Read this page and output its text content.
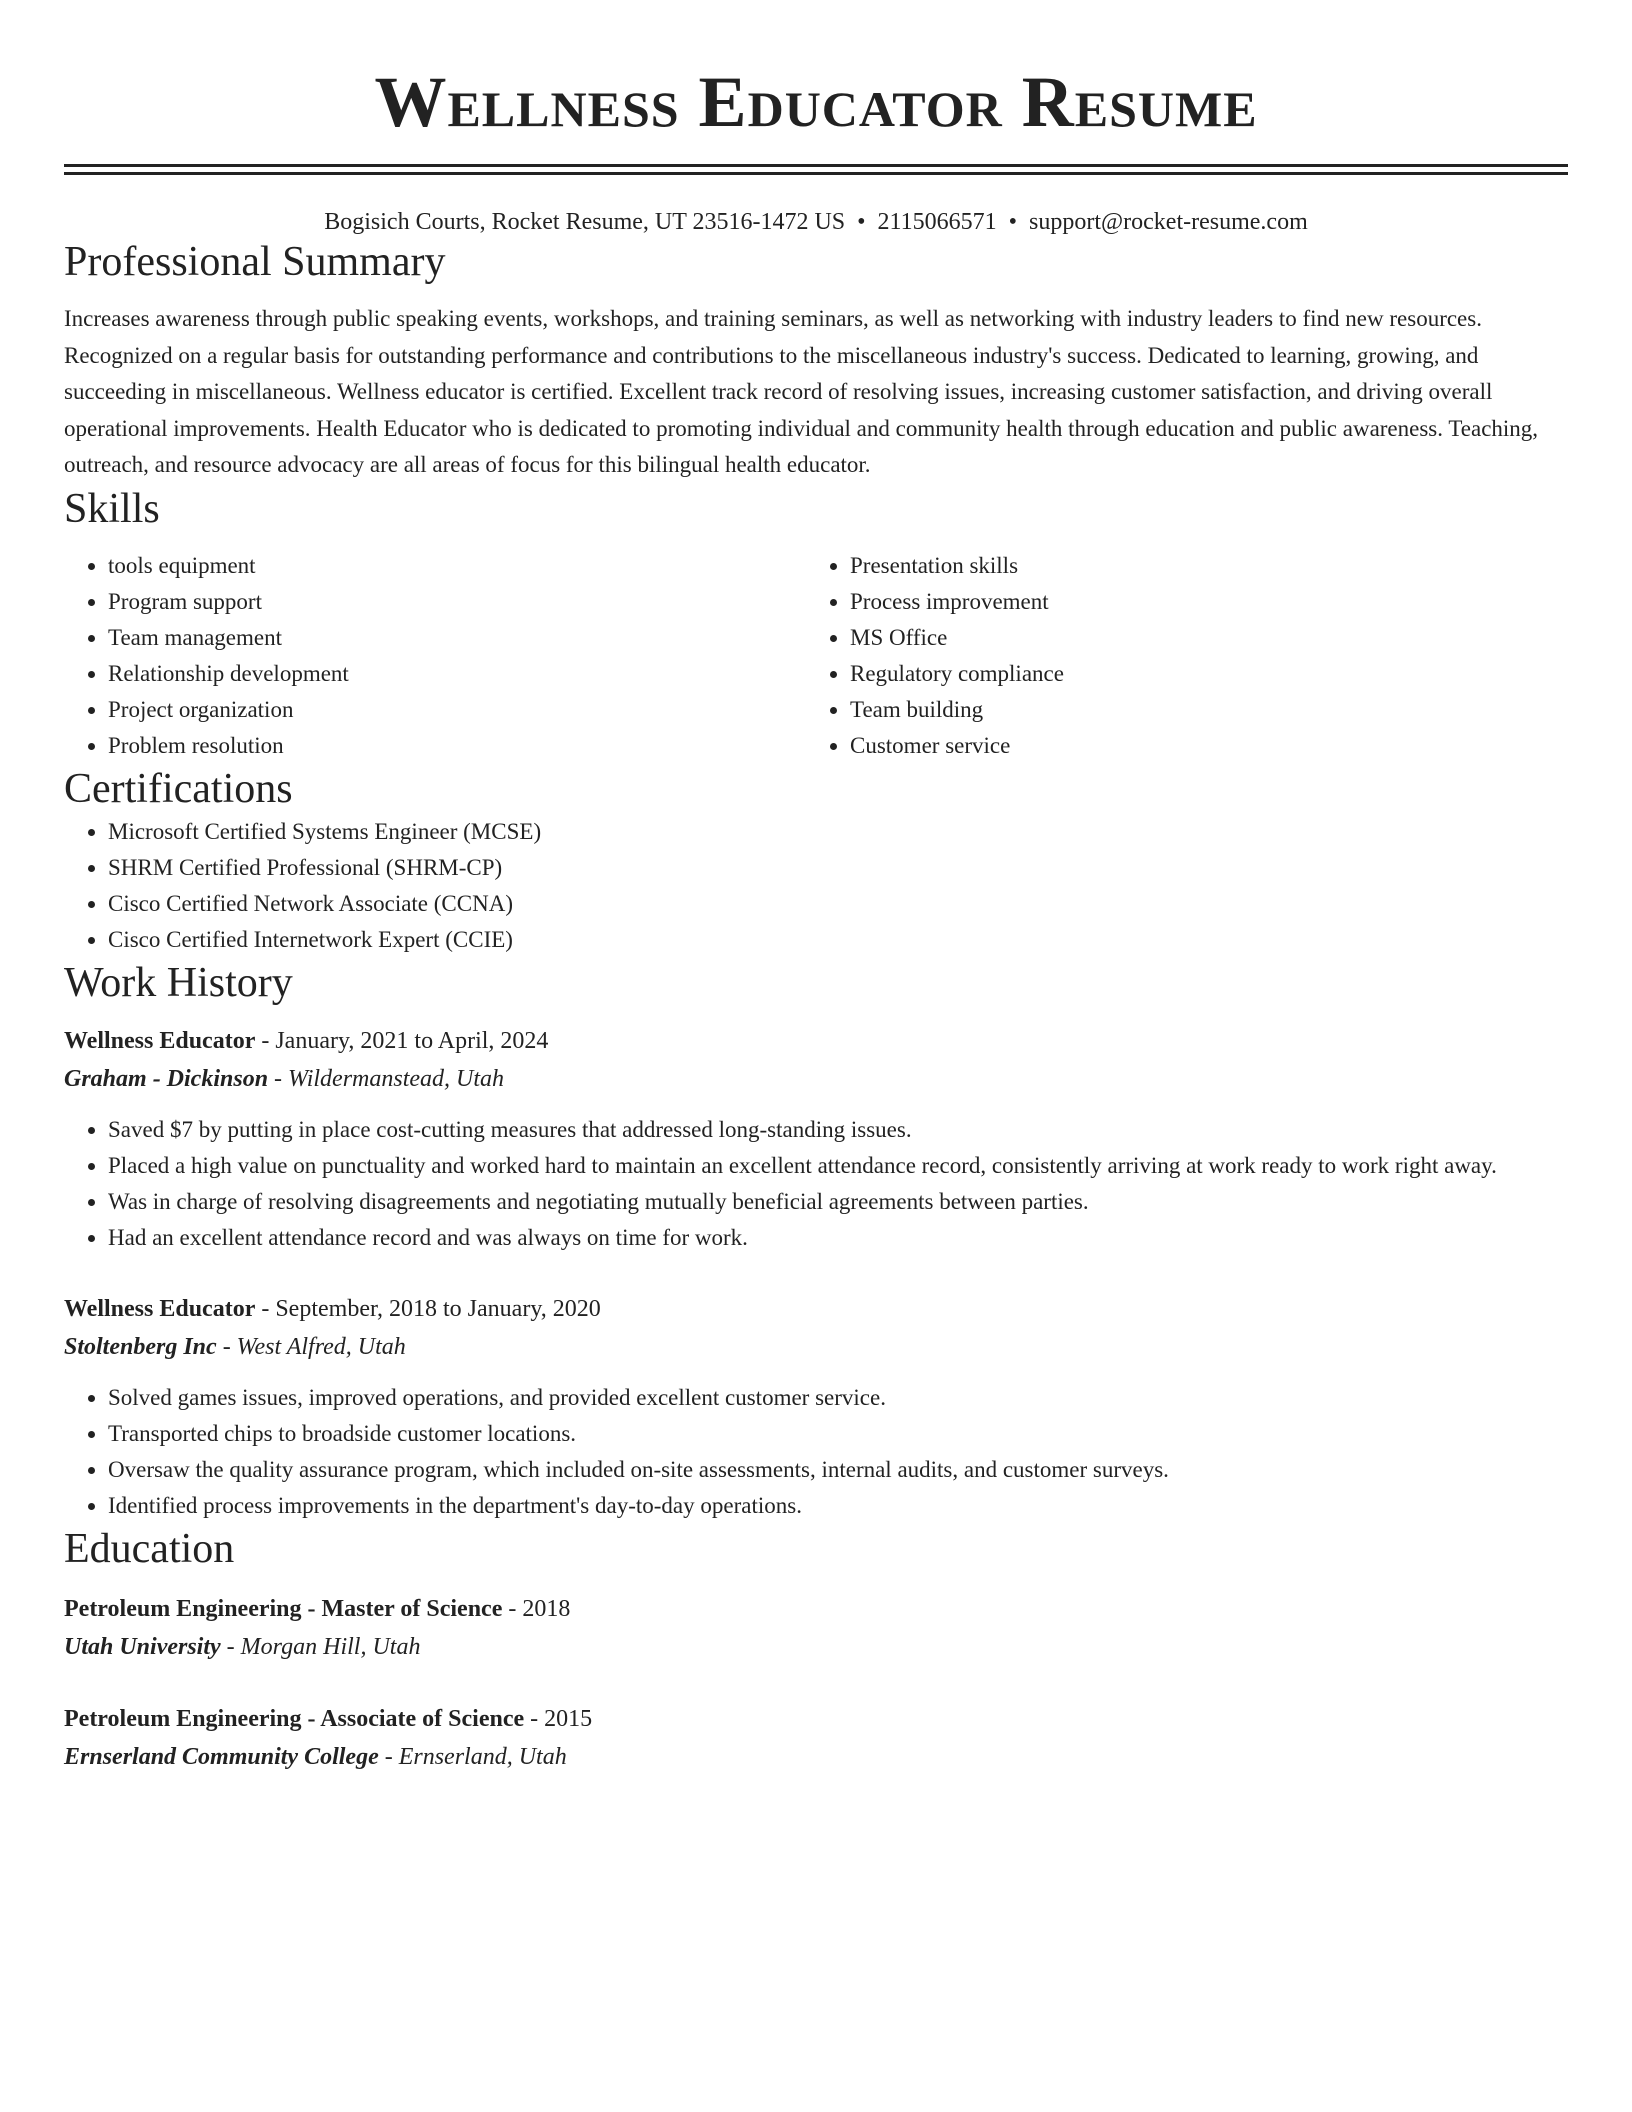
Wellness Educator Resume
Bogisich Courts, Rocket Resume, UT 23516-1472 US • 2115066571 • support@rocket-resume.com
Professional Summary

Increases awareness through public speaking events, workshops, and training seminars, as well as networking with industry leaders to find new resources. Recognized on a regular basis for outstanding performance and contributions to the miscellaneous industry's success. Dedicated to learning, growing, and succeeding in miscellaneous. Wellness educator is certified. Excellent track record of resolving issues, increasing customer satisfaction, and driving overall operational improvements. Health Educator who is dedicated to promoting individual and community health through education and public awareness. Teaching, outreach, and resource advocacy are all areas of focus for this bilingual health educator.

Skills
• tools equipment
• Program support
• Team management
• Relationship development
• Project organization
• Problem resolution
• Presentation skills
• Process improvement
• MS Office
• Regulatory compliance
• Team building
• Customer service
Certifications
• Microsoft Certified Systems Engineer (MCSE)
• SHRM Certified Professional (SHRM-CP)
• Cisco Certified Network Associate (CCNA)
• Cisco Certified Internetwork Expert (CCIE)
Work History
Wellness Educator - January, 2021 to April, 2024
Graham - Dickinson - Wildermanstead, Utah
• Saved $7 by putting in place cost-cutting measures that addressed long-standing issues.
• Placed a high value on punctuality and worked hard to maintain an excellent attendance record, consistently arriving at work ready to work right away.
• Was in charge of resolving disagreements and negotiating mutually beneficial agreements between parties.
• Had an excellent attendance record and was always on time for work.
Wellness Educator - September, 2018 to January, 2020
Stoltenberg Inc - West Alfred, Utah
• Solved games issues, improved operations, and provided excellent customer service.
• Transported chips to broadside customer locations.
• Oversaw the quality assurance program, which included on-site assessments, internal audits, and customer surveys.
• Identified process improvements in the department's day-to-day operations.
Education
Petroleum Engineering - Master of Science - 2018
Utah University - Morgan Hill, Utah
Petroleum Engineering - Associate of Science - 2015
Ernserland Community College - Ernserland, Utah
